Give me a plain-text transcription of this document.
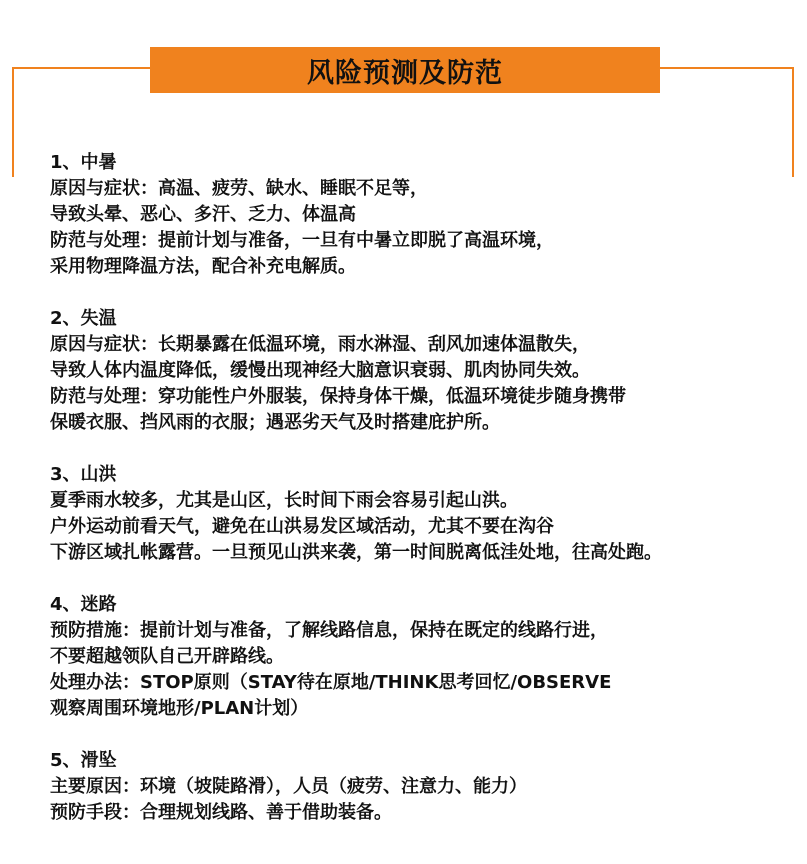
风险预测及防范
1、中暑
原因与症状：高温、疲劳、缺水、睡眠不足等，
导致头晕、恶心、多汗、乏力、体温高
防范与处理：提前计划与准备，一旦有中暑立即脱了高温环境，
采用物理降温方法，配合补充电解质。
2、失温
原因与症状：长期暴露在低温环境，雨水淋湿、刮风加速体温散失，
导致人体内温度降低，缓慢出现神经大脑意识衰弱、肌肉协同失效。
防范与处理：穿功能性户外服装，保持身体干燥，低温环境徒步随身携带
保暖衣服、挡风雨的衣服；遇恶劣天气及时搭建庇护所。
3、山洪
夏季雨水较多，尤其是山区，长时间下雨会容易引起山洪。
户外运动前看天气，避免在山洪易发区域活动，尤其不要在沟谷
下游区域扎帐露营。一旦预见山洪来袭，第一时间脱离低洼处地，往高处跑。
4、迷路
预防措施：提前计划与准备，了解线路信息，保持在既定的线路行进，
不要超越领队自己开辟路线。
处理办法：STOP原则（STAY待在原地/THINK思考回忆/OBSERVE
观察周围环境地形/PLAN计划）
5、滑坠
主要原因：环境（坡陡路滑），人员（疲劳、注意力、能力）
预防手段：合理规划线路、善于借助装备。
